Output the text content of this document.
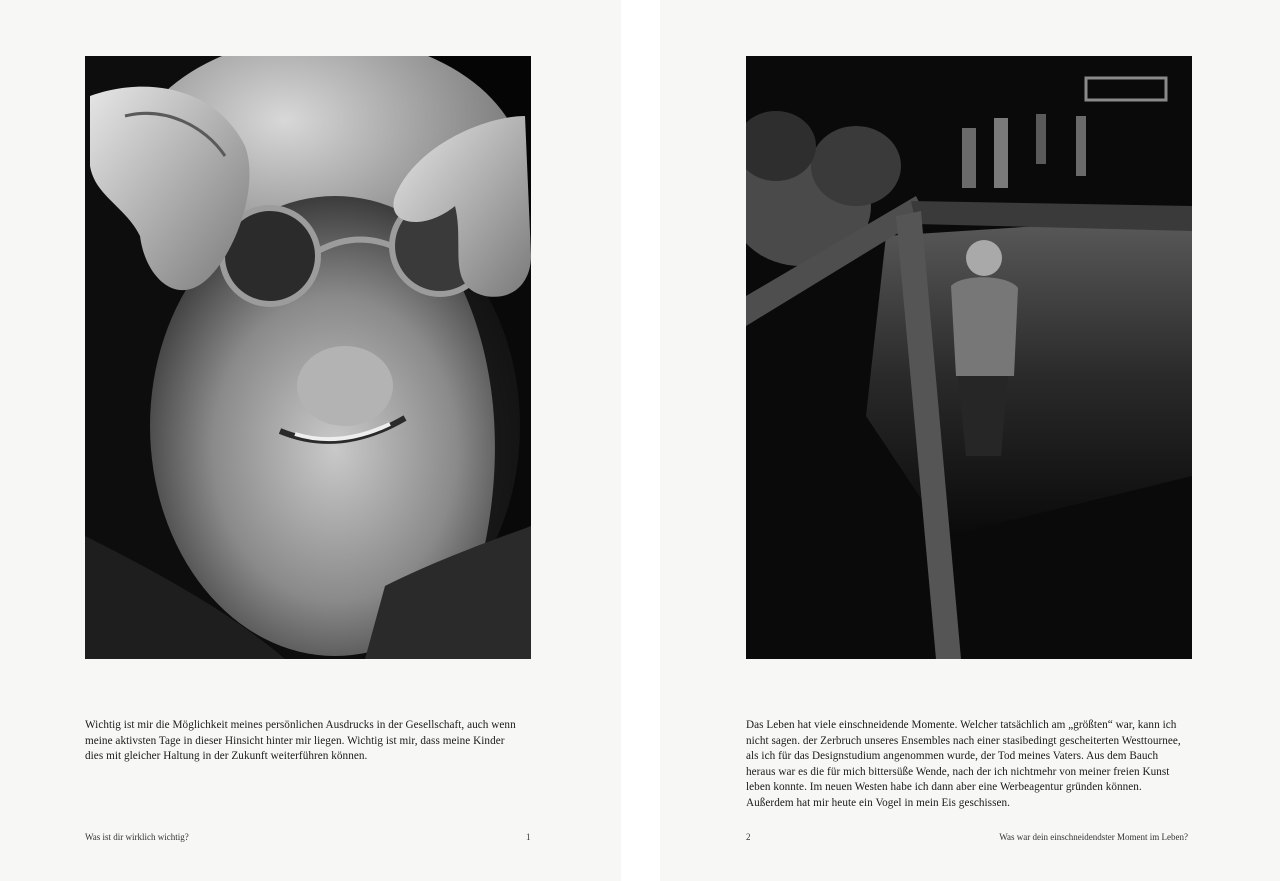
Wichtig ist mir die Möglichkeit meines persönlichen Ausdrucks in der Gesellschaft, auch wenn meine aktivsten Tage in dieser Hinsicht hinter mir liegen. Wichtig ist mir, dass meine Kinder dies mit gleicher Haltung in der Zukunft weiterführen können.
Was ist dir wirklich wichtig?	1
Das Leben hat viele einschneidende Momente. Welcher tatsächlich am „größten“ war, kann ich nicht sagen. der Zerbruch unseres Ensembles nach einer stasibedingt gescheiterten Westtournee, als ich für das Designstudium angenommen wurde, der Tod meines Vaters. Aus dem Bauch heraus war es die für mich bittersüße Wende, nach der ich nichtmehr von meiner freien Kunst leben konnte. Im neuen Westen habe ich dann aber eine Werbeagentur gründen können. Außerdem hat mir heute ein Vogel in mein Eis geschissen.
2	Was war dein einschneidendster Moment im Leben?
